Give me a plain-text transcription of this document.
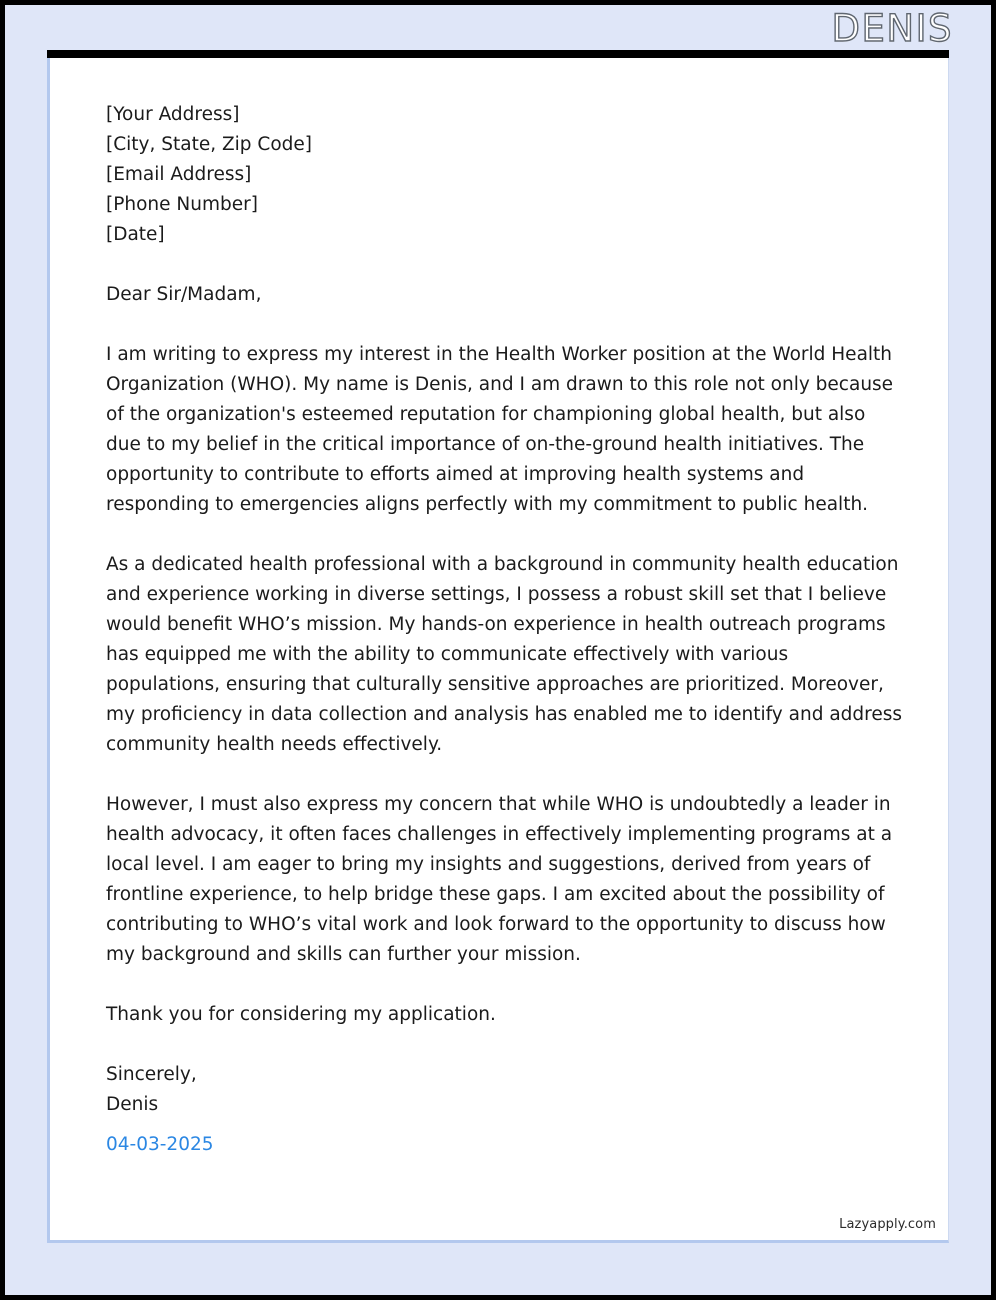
DENIS
[Your Address]
[City, State, Zip Code]
[Email Address]
[Phone Number]
[Date]
Dear Sir/Madam,

I am writing to express my interest in the Health Worker position at the World Health Organization (WHO). My name is Denis, and I am drawn to this role not only because of the organization's esteemed reputation for championing global health, but also due to my belief in the critical importance of on-the-ground health initiatives. The opportunity to contribute to efforts aimed at improving health systems and responding to emergencies aligns perfectly with my commitment to public health.

As a dedicated health professional with a background in community health education and experience working in diverse settings, I possess a robust skill set that I believe would benefit WHO’s mission. My hands-on experience in health outreach programs has equipped me with the ability to communicate effectively with various populations, ensuring that culturally sensitive approaches are prioritized. Moreover, my proficiency in data collection and analysis has enabled me to identify and address community health needs effectively.

However, I must also express my concern that while WHO is undoubtedly a leader in health advocacy, it often faces challenges in effectively implementing programs at a local level. I am eager to bring my insights and suggestions, derived from years of frontline experience, to help bridge these gaps. I am excited about the possibility of contributing to WHO’s vital work and look forward to the opportunity to discuss how my background and skills can further your mission.

Thank you for considering my application.
Sincerely,
Denis
04-03-2025
Lazyapply.com
